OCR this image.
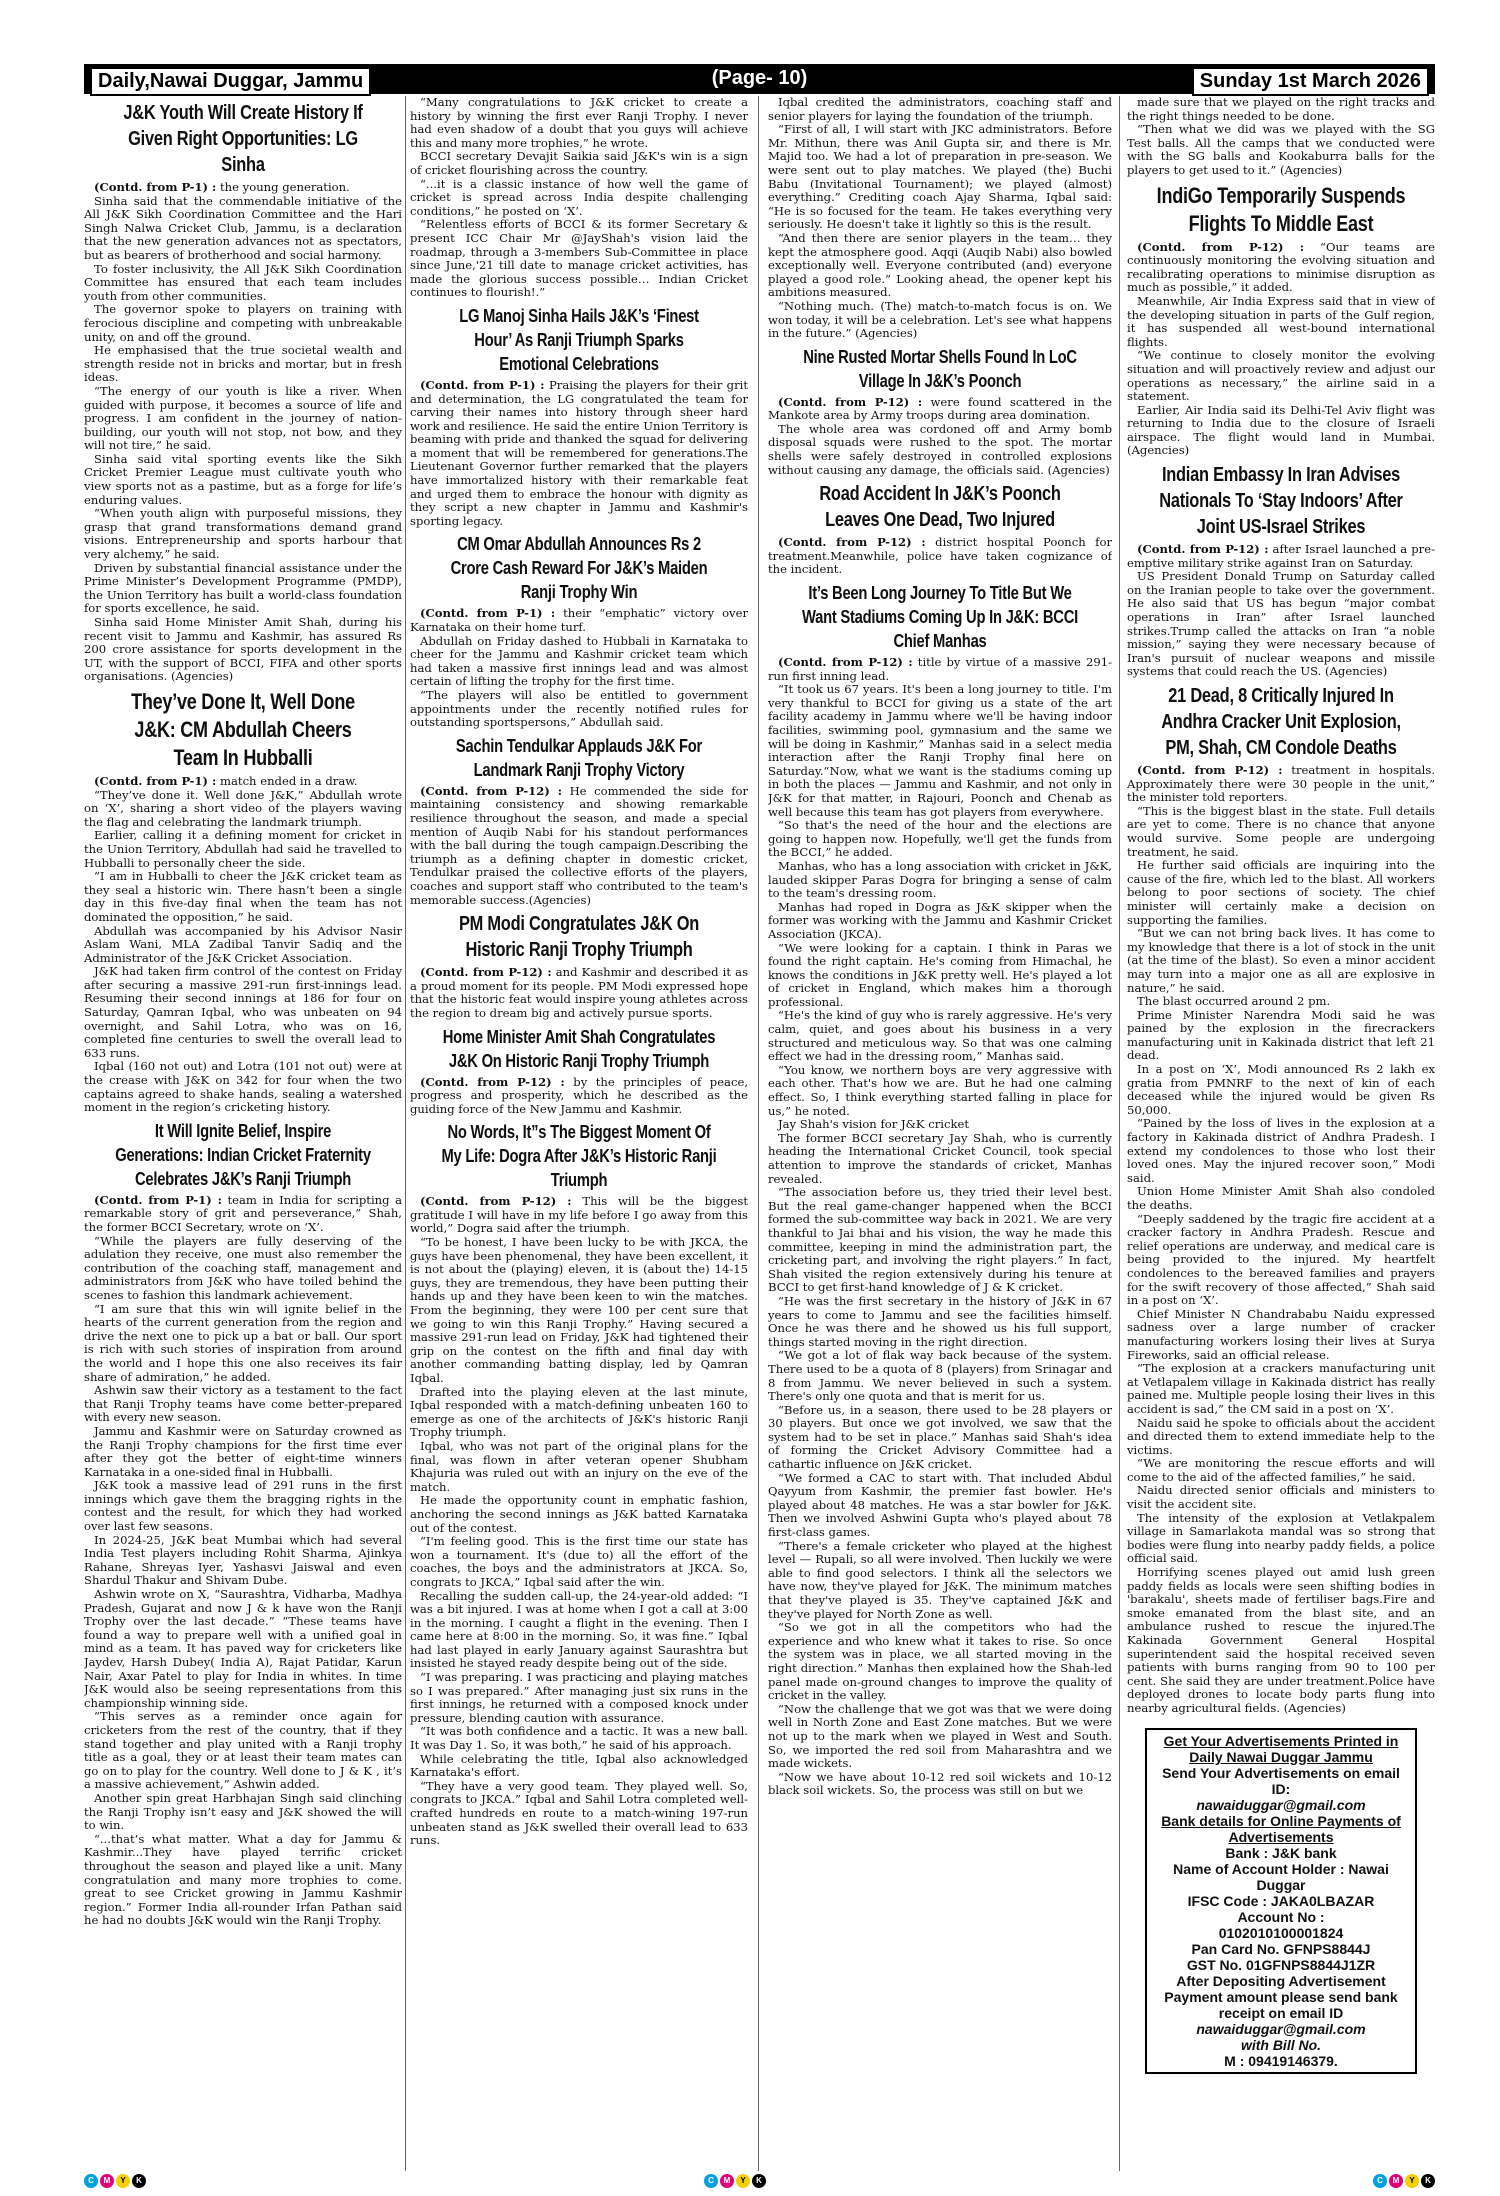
Daily,Nawai Duggar, Jammu	(Page- 10)	Sunday 1st March 2026
J&K Youth Will Create History If Given Right Opportunities: LG Sinha

(Contd. from P-1) : the young generation.

Sinha said that the commendable initiative of the All J&K Sikh Coordination Committee and the Hari Singh Nalwa Cricket Club, Jammu, is a declaration that the new generation advances not as spectators, but as bearers of brotherhood and social harmony.

To foster inclusivity, the All J&K Sikh Coordination Committee has ensured that each team includes youth from other communities.

The governor spoke to players on training with ferocious discipline and competing with unbreakable unity, on and off the ground.

He emphasised that the true societal wealth and strength reside not in bricks and mortar, but in fresh ideas.

“The energy of our youth is like a river. When guided with purpose, it becomes a source of life and progress. I am confident in the journey of nation-building, our youth will not stop, not bow, and they will not tire,” he said.

Sinha said vital sporting events like the Sikh Cricket Premier League must cultivate youth who view sports not as a pastime, but as a forge for life’s enduring values.

“When youth align with purposeful missions, they grasp that grand transformations demand grand visions. Entrepreneurship and sports harbour that very alchemy,” he said.

Driven by substantial financial assistance under the Prime Minister’s Development Programme (PMDP), the Union Territory has built a world-class foundation for sports excellence, he said.

Sinha said Home Minister Amit Shah, during his recent visit to Jammu and Kashmir, has assured Rs 200 crore assistance for sports development in the UT, with the support of BCCI, FIFA and other sports organisations. (Agencies)

They’ve Done It, Well Done J&K: CM Abdullah Cheers Team In Hubballi

(Contd. from P-1) : match ended in a draw.

“They’ve done it. Well done J&K,” Abdullah wrote on ‘X’, sharing a short video of the players waving the flag and celebrating the landmark triumph.

Earlier, calling it a defining moment for cricket in the Union Territory, Abdullah had said he travelled to Hubballi to personally cheer the side.

“I am in Hubballi to cheer the J&K cricket team as they seal a historic win. There hasn’t been a single day in this five-day final when the team has not dominated the opposition,” he said.

Abdullah was accompanied by his Advisor Nasir Aslam Wani, MLA Zadibal Tanvir Sadiq and the Administrator of the J&K Cricket Association.

J&K had taken firm control of the contest on Friday after securing a massive 291-run first-innings lead. Resuming their second innings at 186 for four on Saturday, Qamran Iqbal, who was unbeaten on 94 overnight, and Sahil Lotra, who was on 16, completed fine centuries to swell the overall lead to 633 runs.

Iqbal (160 not out) and Lotra (101 not out) were at the crease with J&K on 342 for four when the two captains agreed to shake hands, sealing a watershed moment in the region’s cricketing history.

It Will Ignite Belief, Inspire Generations: Indian Cricket Fraternity Celebrates J&K’s Ranji Triumph

(Contd. from P-1) : team in India for scripting a remarkable story of grit and perseverance,” Shah, the former BCCI Secretary, wrote on ‘X’.

“While the players are fully deserving of the adulation they receive, one must also remember the contribution of the coaching staff, management and administrators from J&K who have toiled behind the scenes to fashion this landmark achievement.

“I am sure that this win will ignite belief in the hearts of the current generation from the region and drive the next one to pick up a bat or ball. Our sport is rich with such stories of inspiration from around the world and I hope this one also receives its fair share of admiration,” he added.

Ashwin saw their victory as a testament to the fact that Ranji Trophy teams have come better-prepared with every new season.

Jammu and Kashmir were on Saturday crowned as the Ranji Trophy champions for the first time ever after they got the better of eight-time winners Karnataka in a one-sided final in Hubballi.

J&K took a massive lead of 291 runs in the first innings which gave them the bragging rights in the contest and the result, for which they had worked over last few seasons.

In 2024-25, J&K beat Mumbai which had several India Test players including Rohit Sharma, Ajinkya Rahane, Shreyas Iyer, Yashasvi Jaiswal and even Shardul Thakur and Shivam Dube.

Ashwin wrote on X, “Saurashtra, Vidharba, Madhya Pradesh, Gujarat and now J & k have won the Ranji Trophy over the last decade.” “These teams have found a way to prepare well with a unified goal in mind as a team. It has paved way for cricketers like Jaydev, Harsh Dubey( India A), Rajat Patidar, Karun Nair, Axar Patel to play for India in whites. In time J&K would also be seeing representations from this championship winning side.

“This serves as a reminder once again for cricketers from the rest of the country, that if they stand together and play united with a Ranji trophy title as a goal, they or at least their team mates can go on to play for the country. Well done to J & K , it’s a massive achievement,” Ashwin added.

Another spin great Harbhajan Singh said clinching the Ranji Trophy isn’t easy and J&K showed the will to win.

“...that’s what matter. What a day for Jammu & Kashmir...They have played terrific cricket throughout the season and played like a unit. Many congratulation and many more trophies to come. great to see Cricket growing in Jammu Kashmir region.” Former India all-rounder Irfan Pathan said he had no doubts J&K would win the Ranji Trophy.

“Many congratulations to J&K cricket to create a history by winning the first ever Ranji Trophy. I never had even shadow of a doubt that you guys will achieve this and many more trophies,” he wrote.

BCCI secretary Devajit Saikia said J&K's win is a sign of cricket flourishing across the country.

“...it is a classic instance of how well the game of cricket is spread across India despite challenging conditions,” he posted on ‘X’.

“Relentless efforts of BCCI & its former Secretary & present ICC Chair Mr @JayShah's vision laid the roadmap, through a 3-members Sub-Committee in place since June,'21 till date to manage cricket activities, has made the glorious success possible… Indian Cricket continues to flourish!.”

LG Manoj Sinha Hails J&K’s ‘Finest Hour’ As Ranji Triumph Sparks Emotional Celebrations

(Contd. from P-1) : Praising the players for their grit and determination, the LG congratulated the team for carving their names into history through sheer hard work and resilience. He said the entire Union Territory is beaming with pride and thanked the squad for delivering a moment that will be remembered for generations.The Lieutenant Governor further remarked that the players have immortalized history with their remarkable feat and urged them to embrace the honour with dignity as they script a new chapter in Jammu and Kashmir's sporting legacy.

CM Omar Abdullah Announces Rs 2 Crore Cash Reward For J&K’s Maiden Ranji Trophy Win

(Contd. from P-1) : their “emphatic” victory over Karnataka on their home turf.

Abdullah on Friday dashed to Hubbali in Karnataka to cheer for the Jammu and Kashmir cricket team which had taken a massive first innings lead and was almost certain of lifting the trophy for the first time.

“The players will also be entitled to government appointments under the recently notified rules for outstanding sportspersons,” Abdullah said.

Sachin Tendulkar Applauds J&K For Landmark Ranji Trophy Victory

(Contd. from P-12) : He commended the side for maintaining consistency and showing remarkable resilience throughout the season, and made a special mention of Auqib Nabi for his standout performances with the ball during the tough campaign.Describing the triumph as a defining chapter in domestic cricket, Tendulkar praised the collective efforts of the players, coaches and support staff who contributed to the team's memorable success.(Agencies)

PM Modi Congratulates J&K On Historic Ranji Trophy Triumph

(Contd. from P-12) : and Kashmir and described it as a proud moment for its people. PM Modi expressed hope that the historic feat would inspire young athletes across the region to dream big and actively pursue sports.

Home Minister Amit Shah Congratulates J&K On Historic Ranji Trophy Triumph

(Contd. from P-12) : by the principles of peace, progress and prosperity, which he described as the guiding force of the New Jammu and Kashmir.

No Words, It”s The Biggest Moment Of My Life: Dogra After J&K’s Historic Ranji Triumph

(Contd. from P-12) : This will be the biggest gratitude I will have in my life before I go away from this world,” Dogra said after the triumph.

“To be honest, I have been lucky to be with JKCA, the guys have been phenomenal, they have been excellent, it is not about the (playing) eleven, it is (about the) 14-15 guys, they are tremendous, they have been putting their hands up and they have been keen to win the matches. From the beginning, they were 100 per cent sure that we going to win this Ranji Trophy.” Having secured a massive 291-run lead on Friday, J&K had tightened their grip on the contest on the fifth and final day with another commanding batting display, led by Qamran Iqbal.

Drafted into the playing eleven at the last minute, Iqbal responded with a match-defining unbeaten 160 to emerge as one of the architects of J&K's historic Ranji Trophy triumph.

Iqbal, who was not part of the original plans for the final, was flown in after veteran opener Shubham Khajuria was ruled out with an injury on the eve of the match.

He made the opportunity count in emphatic fashion, anchoring the second innings as J&K batted Karnataka out of the contest.

“I'm feeling good. This is the first time our state has won a tournament. It's (due to) all the effort of the coaches, the boys and the administrators at JKCA. So, congrats to JKCA,” Iqbal said after the win.

Recalling the sudden call-up, the 24-year-old added: “I was a bit injured. I was at home when I got a call at 3:00 in the morning. I caught a flight in the evening. Then I came here at 8:00 in the morning. So, it was fine.” Iqbal had last played in early January against Saurashtra but insisted he stayed ready despite being out of the side.

“I was preparing. I was practicing and playing matches so I was prepared.” After managing just six runs in the first innings, he returned with a composed knock under pressure, blending caution with assurance.

“It was both confidence and a tactic. It was a new ball. It was Day 1. So, it was both,” he said of his approach.

While celebrating the title, Iqbal also acknowledged Karnataka's effort.

“They have a very good team. They played well. So, congrats to JKCA.” Iqbal and Sahil Lotra completed well-crafted hundreds en route to a match-wining 197-run unbeaten stand as J&K swelled their overall lead to 633 runs.

Iqbal credited the administrators, coaching staff and senior players for laying the foundation of the triumph.

“First of all, I will start with JKC administrators. Before Mr. Mithun, there was Anil Gupta sir, and there is Mr. Majid too. We had a lot of preparation in pre-season. We were sent out to play matches. We played (the) Buchi Babu (Invitational Tournament); we played (almost) everything.” Crediting coach Ajay Sharma, Iqbal said: “He is so focused for the team. He takes everything very seriously. He doesn't take it lightly so this is the result.

“And then there are senior players in the team… they kept the atmosphere good. Aqqi (Auqib Nabi) also bowled exceptionally well. Everyone contributed (and) everyone played a good role.” Looking ahead, the opener kept his ambitions measured.

“Nothing much. (The) match-to-match focus is on. We won today, it will be a celebration. Let's see what happens in the future.” (Agencies)

Nine Rusted Mortar Shells Found In LoC Village In J&K’s Poonch

(Contd. from P-12) : were found scattered in the Mankote area by Army troops during area domination.

The whole area was cordoned off and Army bomb disposal squads were rushed to the spot. The mortar shells were safely destroyed in controlled explosions without causing any damage, the officials said. (Agencies)

Road Accident In J&K’s Poonch Leaves One Dead, Two Injured

(Contd. from P-12) : district hospital Poonch for treatment.Meanwhile, police have taken cognizance of the incident.

It’s Been Long Journey To Title But We Want Stadiums Coming Up In J&K: BCCI Chief Manhas

(Contd. from P-12) : title by virtue of a massive 291-run first inning lead.

“It took us 67 years. It's been a long journey to title. I'm very thankful to BCCI for giving us a state of the art facility academy in Jammu where we'll be having indoor facilities, swimming pool, gymnasium and the same we will be doing in Kashmir,” Manhas said in a select media interaction after the Ranji Trophy final here on Saturday.“Now, what we want is the stadiums coming up in both the places — Jammu and Kashmir, and not only in J&K for that matter, in Rajouri, Poonch and Chenab as well because this team has got players from everywhere.

“So that's the need of the hour and the elections are going to happen now. Hopefully, we'll get the funds from the BCCI,” he added.

Manhas, who has a long association with cricket in J&K, lauded skipper Paras Dogra for bringing a sense of calm to the team's dressing room.

Manhas had roped in Dogra as J&K skipper when the former was working with the Jammu and Kashmir Cricket Association (JKCA).

“We were looking for a captain. I think in Paras we found the right captain. He's coming from Himachal, he knows the conditions in J&K pretty well. He's played a lot of cricket in England, which makes him a thorough professional.

“He's the kind of guy who is rarely aggressive. He's very calm, quiet, and goes about his business in a very structured and meticulous way. So that was one calming effect we had in the dressing room,” Manhas said.

“You know, we northern boys are very aggressive with each other. That's how we are. But he had one calming effect. So, I think everything started falling in place for us,” he noted.

Jay Shah's vision for J&K cricket

The former BCCI secretary Jay Shah, who is currently heading the International Cricket Council, took special attention to improve the standards of cricket, Manhas revealed.

“The association before us, they tried their level best. But the real game-changer happened when the BCCI formed the sub-committee way back in 2021. We are very thankful to Jai bhai and his vision, the way he made this committee, keeping in mind the administration part, the cricketing part, and involving the right players.” In fact, Shah visited the region extensively during his tenure at BCCI to get first-hand knowledge of J & K cricket.

“He was the first secretary in the history of J&K in 67 years to come to Jammu and see the facilities himself. Once he was there and he showed us his full support, things started moving in the right direction.

“We got a lot of flak way back because of the system. There used to be a quota of 8 (players) from Srinagar and 8 from Jammu. We never believed in such a system. There's only one quota and that is merit for us.

“Before us, in a season, there used to be 28 players or 30 players. But once we got involved, we saw that the system had to be set in place.” Manhas said Shah's idea of forming the Cricket Advisory Committee had a cathartic influence on J&K cricket.

“We formed a CAC to start with. That included Abdul Qayyum from Kashmir, the premier fast bowler. He's played about 48 matches. He was a star bowler for J&K. Then we involved Ashwini Gupta who's played about 78 first-class games.

“There's a female cricketer who played at the highest level — Rupali, so all were involved. Then luckily we were able to find good selectors. I think all the selectors we have now, they've played for J&K. The minimum matches that they've played is 35. They've captained J&K and they've played for North Zone as well.

“So we got in all the competitors who had the experience and who knew what it takes to rise. So once the system was in place, we all started moving in the right direction.” Manhas then explained how the Shah-led panel made on-ground changes to improve the quality of cricket in the valley.

“Now the challenge that we got was that we were doing well in North Zone and East Zone matches. But we were not up to the mark when we played in West and South. So, we imported the red soil from Maharashtra and we made wickets.

“Now we have about 10-12 red soil wickets and 10-12 black soil wickets. So, the process was still on but we

made sure that we played on the right tracks and the right things needed to be done.

“Then what we did was we played with the SG Test balls. All the camps that we conducted were with the SG balls and Kookaburra balls for the players to get used to it.” (Agencies)

IndiGo Temporarily Suspends Flights To Middle East

(Contd. from P-12) : “Our teams are continuously monitoring the evolving situation and recalibrating operations to minimise disruption as much as possible,” it added.

Meanwhile, Air India Express said that in view of the developing situation in parts of the Gulf region, it has suspended all west-bound international flights.

“We continue to closely monitor the evolving situation and will proactively review and adjust our operations as necessary,” the airline said in a statement.

Earlier, Air India said its Delhi-Tel Aviv flight was returning to India due to the closure of Israeli airspace. The flight would land in Mumbai. (Agencies)

Indian Embassy In Iran Advises Nationals To ‘Stay Indoors’ After Joint US-Israel Strikes

(Contd. from P-12) : after Israel launched a pre-emptive military strike against Iran on Saturday.

US President Donald Trump on Saturday called on the Iranian people to take over the government. He also said that US has begun “major combat operations in Iran” after Israel launched strikes.Trump called the attacks on Iran “a noble mission,” saying they were necessary because of Iran's pursuit of nuclear weapons and missile systems that could reach the US. (Agencies)

21 Dead, 8 Critically Injured In Andhra Cracker Unit Explosion, PM, Shah, CM Condole Deaths

(Contd. from P-12) : treatment in hospitals. Approximately there were 30 people in the unit,” the minister told reporters.

“This is the biggest blast in the state. Full details are yet to come. There is no chance that anyone would survive. Some people are undergoing treatment, he said.

He further said officials are inquiring into the cause of the fire, which led to the blast. All workers belong to poor sections of society. The chief minister will certainly make a decision on supporting the families.

“But we can not bring back lives. It has come to my knowledge that there is a lot of stock in the unit (at the time of the blast). So even a minor accident may turn into a major one as all are explosive in nature,” he said.

The blast occurred around 2 pm.

Prime Minister Narendra Modi said he was pained by the explosion in the firecrackers manufacturing unit in Kakinada district that left 21 dead.

In a post on ‘X’, Modi announced Rs 2 lakh ex gratia from PMNRF to the next of kin of each deceased while the injured would be given Rs 50,000.

“Pained by the loss of lives in the explosion at a factory in Kakinada district of Andhra Pradesh. I extend my condolences to those who lost their loved ones. May the injured recover soon,” Modi said.

Union Home Minister Amit Shah also condoled the deaths.

“Deeply saddened by the tragic fire accident at a cracker factory in Andhra Pradesh. Rescue and relief operations are underway, and medical care is being provided to the injured. My heartfelt condolences to the bereaved families and prayers for the swift recovery of those affected,” Shah said in a post on ‘X’.

Chief Minister N Chandrababu Naidu expressed sadness over a large number of cracker manufacturing workers losing their lives at Surya Fireworks, said an official release.

“The explosion at a crackers manufacturing unit at Vetlapalem village in Kakinada district has really pained me. Multiple people losing their lives in this accident is sad,” the CM said in a post on ‘X’.

Naidu said he spoke to officials about the accident and directed them to extend immediate help to the victims.

“We are monitoring the rescue efforts and will come to the aid of the affected families,” he said.

Naidu directed senior officials and ministers to visit the accident site.

The intensity of the explosion at Vetlakpalem village in Samarlakota mandal was so strong that bodies were flung into nearby paddy fields, a police official said.

Horrifying scenes played out amid lush green paddy fields as locals were seen shifting bodies in 'barakalu', sheets made of fertiliser bags.Fire and smoke emanated from the blast site, and an ambulance rushed to rescue the injured.The Kakinada Government General Hospital superintendent said the hospital received seven patients with burns ranging from 90 to 100 per cent. She said they are under treatment.Police have deployed drones to locate body parts flung into nearby agricultural fields. (Agencies)

Get Your Advertisements Printed in
Daily Nawai Duggar Jammu
Send Your Advertisements on email ID:
nawaiduggar@gmail.com
Bank details for Online Payments of Advertisements
Bank : J&K bank
Name of Account Holder : Nawai Duggar
IFSC Code : JAKA0LBAZAR
Account No :
0102010100001824
Pan Card No. GFNPS8844J
GST No. 01GFNPS8844J1ZR
After Depositing Advertisement Payment amount please send bank receipt on email ID
nawaiduggar@gmail.com
with Bill No.
M : 09419146379.
C	M	Y	K	C	M	Y	K	C	M	Y	K
